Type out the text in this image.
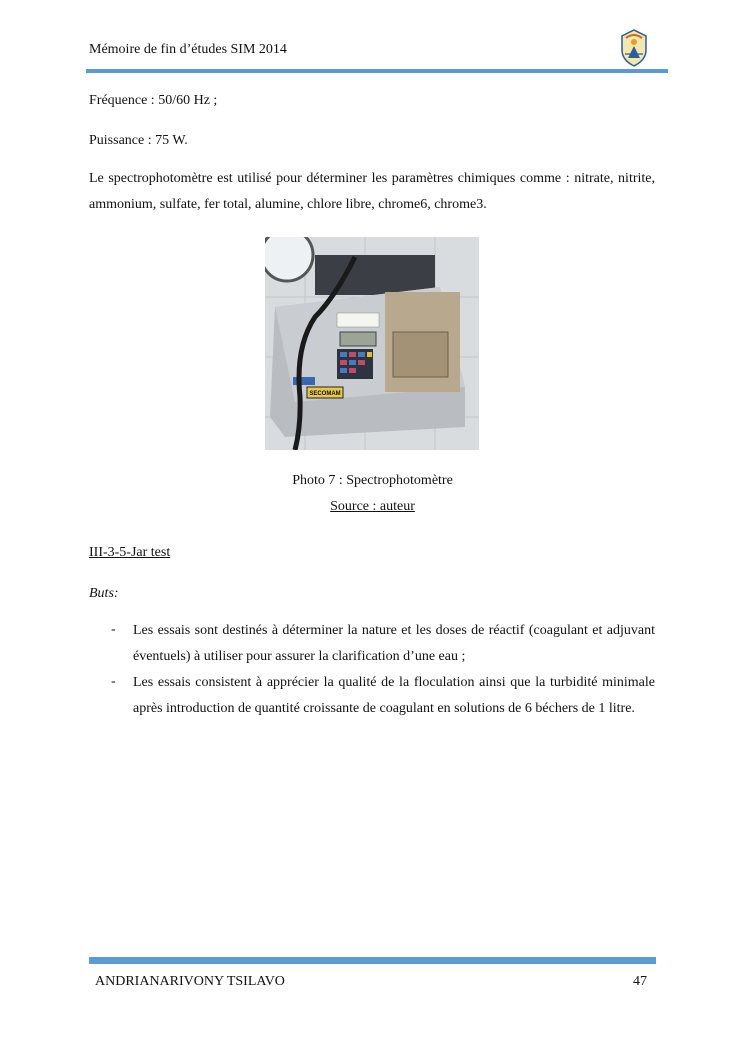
Mémoire de fin d’études SIM 2014
Fréquence : 50/60 Hz ;
Puissance : 75 W.
Le spectrophotomètre est utilisé pour déterminer les paramètres chimiques comme : nitrate, nitrite, ammonium, sulfate, fer total, alumine, chlore libre, chrome6, chrome3.
SECOMAM
Photo 7 : Spectrophotomètre
Source : auteur
III-3-5-Jar test
Buts:
- Les essais sont destinés à déterminer la nature et les doses de réactif (coagulant et adjuvant éventuels) à utiliser pour assurer la clarification d’une eau ;
- Les essais consistent à apprécier la qualité de la floculation ainsi que la turbidité minimale après introduction de quantité croissante de coagulant en solutions de 6 béchers de 1 litre.
ANDRIANARIVONY TSILAVO	47
